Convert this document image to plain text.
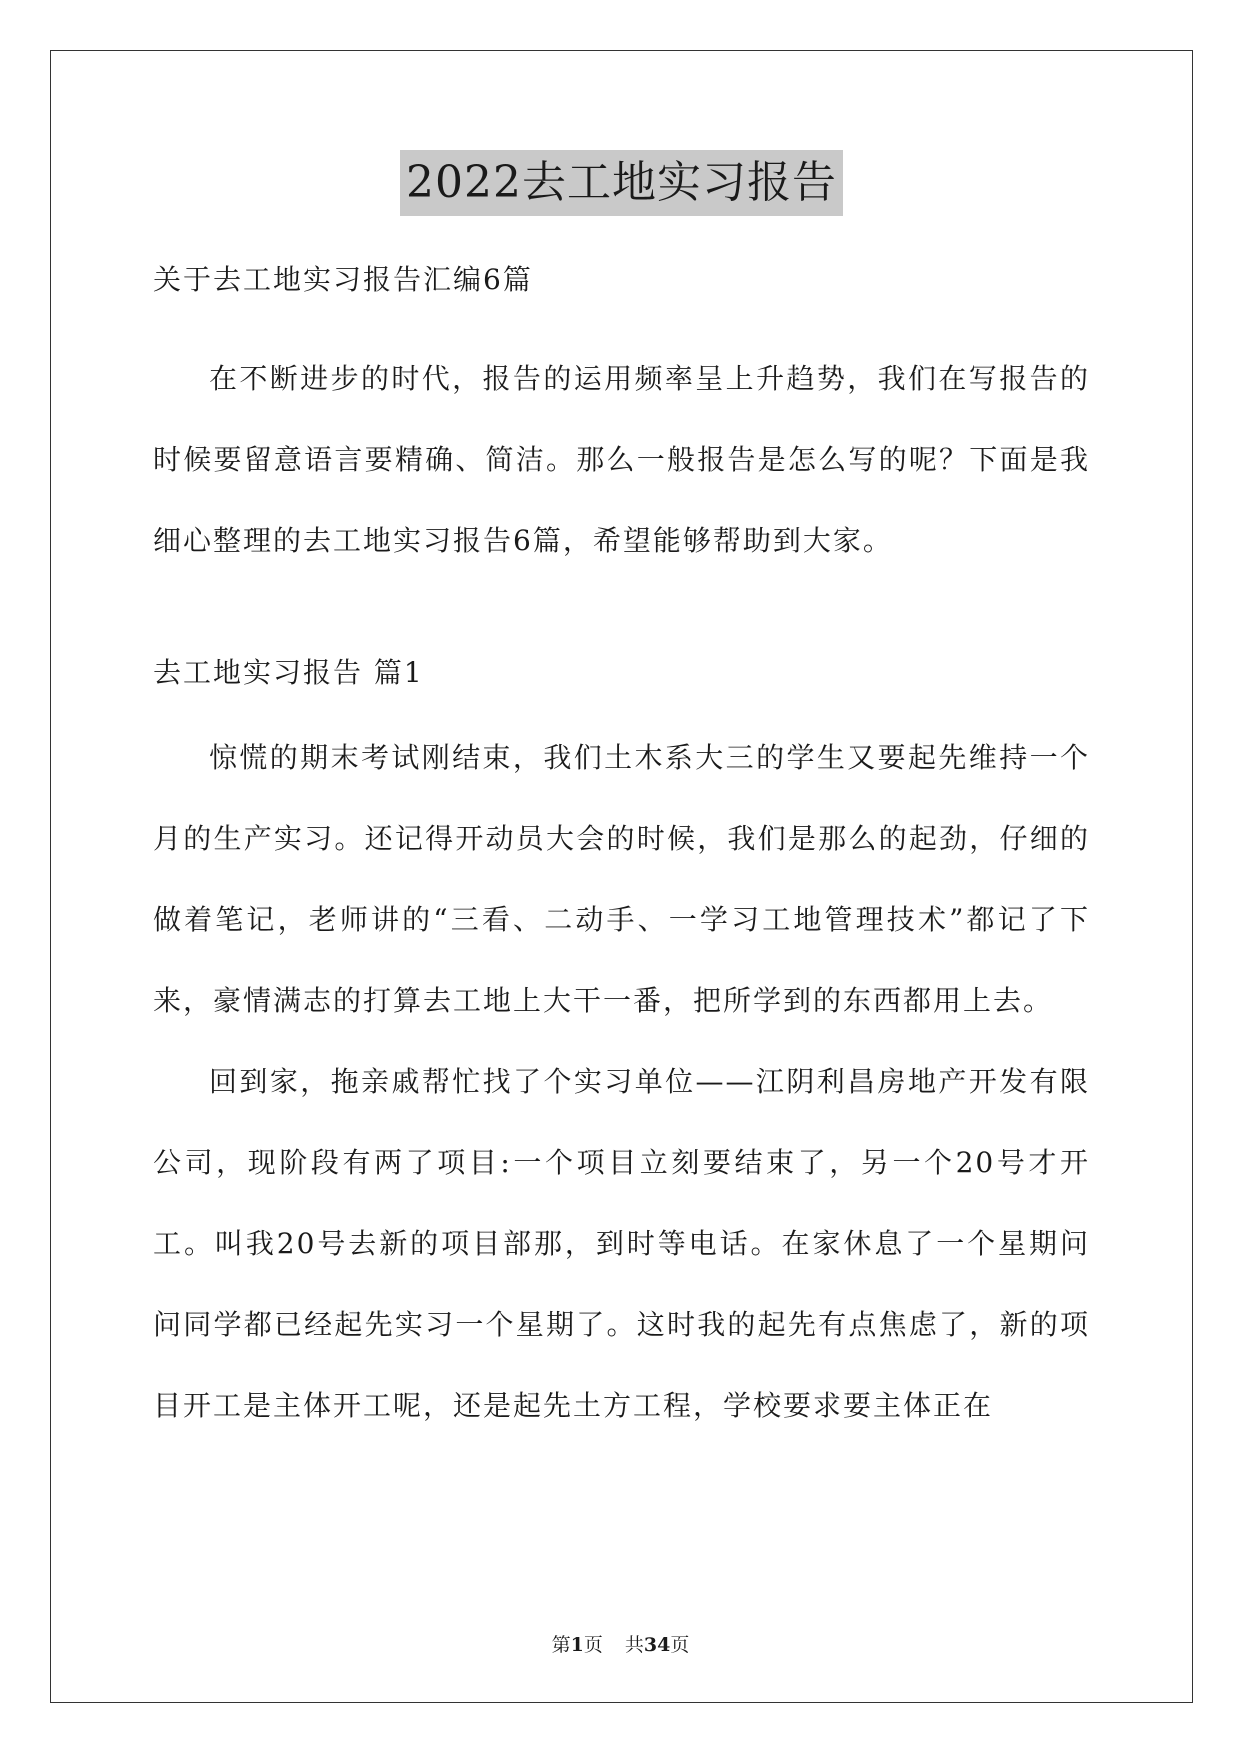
2022去工地实习报告

关于去工地实习报告汇编6篇

在不断进步的时代，报告的运用频率呈上升趋势，我们在写报告的时候要留意语言要精确、简洁。那么一般报告是怎么写的呢？下面是我细心整理的去工地实习报告6篇，希望能够帮助到大家。

去工地实习报告 篇1

惊慌的期末考试刚结束，我们土木系大三的学生又要起先维持一个月的生产实习。还记得开动员大会的时候，我们是那么的起劲，仔细的做着笔记，老师讲的“三看、二动手、一学习工地管理技术”都记了下来，豪情满志的打算去工地上大干一番，把所学到的东西都用上去。

回到家，拖亲戚帮忙找了个实习单位——江阴利昌房地产开发有限公司，现阶段有两了项目:一个项目立刻要结束了，另一个20号才开工。叫我20号去新的项目部那，到时等电话。在家休息了一个星期问问同学都已经起先实习一个星期了。这时我的起先有点焦虑了，新的项目开工是主体开工呢，还是起先土方工程，学校要求要主体正在

第1页 共34页
